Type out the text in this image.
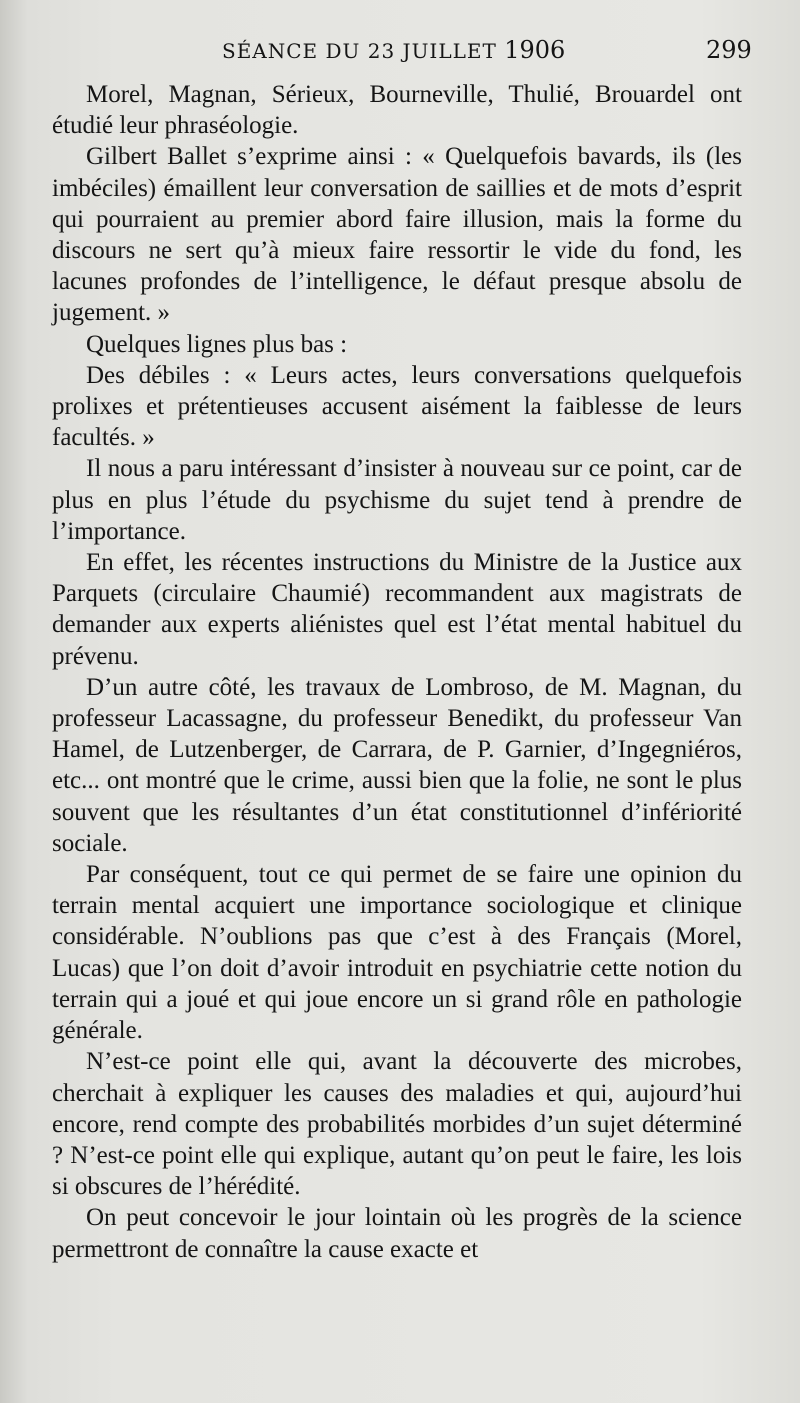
SÉANCE DU 23 JUILLET 1906	299

Morel, Magnan, Sérieux, Bourneville, Thulié, Brouardel ont étudié leur phraséologie.

Gilbert Ballet s’exprime ainsi : « Quelquefois bavards, ils (les imbéciles) émaillent leur conversation de saillies et de mots d’esprit qui pourraient au premier abord faire illusion, mais la forme du discours ne sert qu’à mieux faire ressortir le vide du fond, les lacunes profondes de l’intelligence, le défaut presque absolu de jugement. »

Quelques lignes plus bas :

Des débiles : « Leurs actes, leurs conversations quelquefois prolixes et prétentieuses accusent aisément la faiblesse de leurs facultés. »

Il nous a paru intéressant d’insister à nouveau sur ce point, car de plus en plus l’étude du psychisme du sujet tend à prendre de l’importance.

En effet, les récentes instructions du Ministre de la Justice aux Parquets (circulaire Chaumié) recommandent aux magistrats de demander aux experts aliénistes quel est l’état mental habituel du prévenu.

D’un autre côté, les travaux de Lombroso, de M. Magnan, du professeur Lacassagne, du professeur Benedikt, du professeur Van Hamel, de Lutzenberger, de Carrara, de P. Garnier, d’Ingegniéros, etc... ont montré que le crime, aussi bien que la folie, ne sont le plus souvent que les résultantes d’un état constitutionnel d’infériorité sociale.

Par conséquent, tout ce qui permet de se faire une opinion du terrain mental acquiert une importance sociologique et clinique considérable. N’oublions pas que c’est à des Français (Morel, Lucas) que l’on doit d’avoir introduit en psychiatrie cette notion du terrain qui a joué et qui joue encore un si grand rôle en pathologie générale.

N’est-ce point elle qui, avant la découverte des microbes, cherchait à expliquer les causes des maladies et qui, aujourd’hui encore, rend compte des probabilités morbides d’un sujet déterminé ? N’est-ce point elle qui explique, autant qu’on peut le faire, les lois si obscures de l’hérédité.

On peut concevoir le jour lointain où les progrès de la science permettront de connaître la cause exacte et
